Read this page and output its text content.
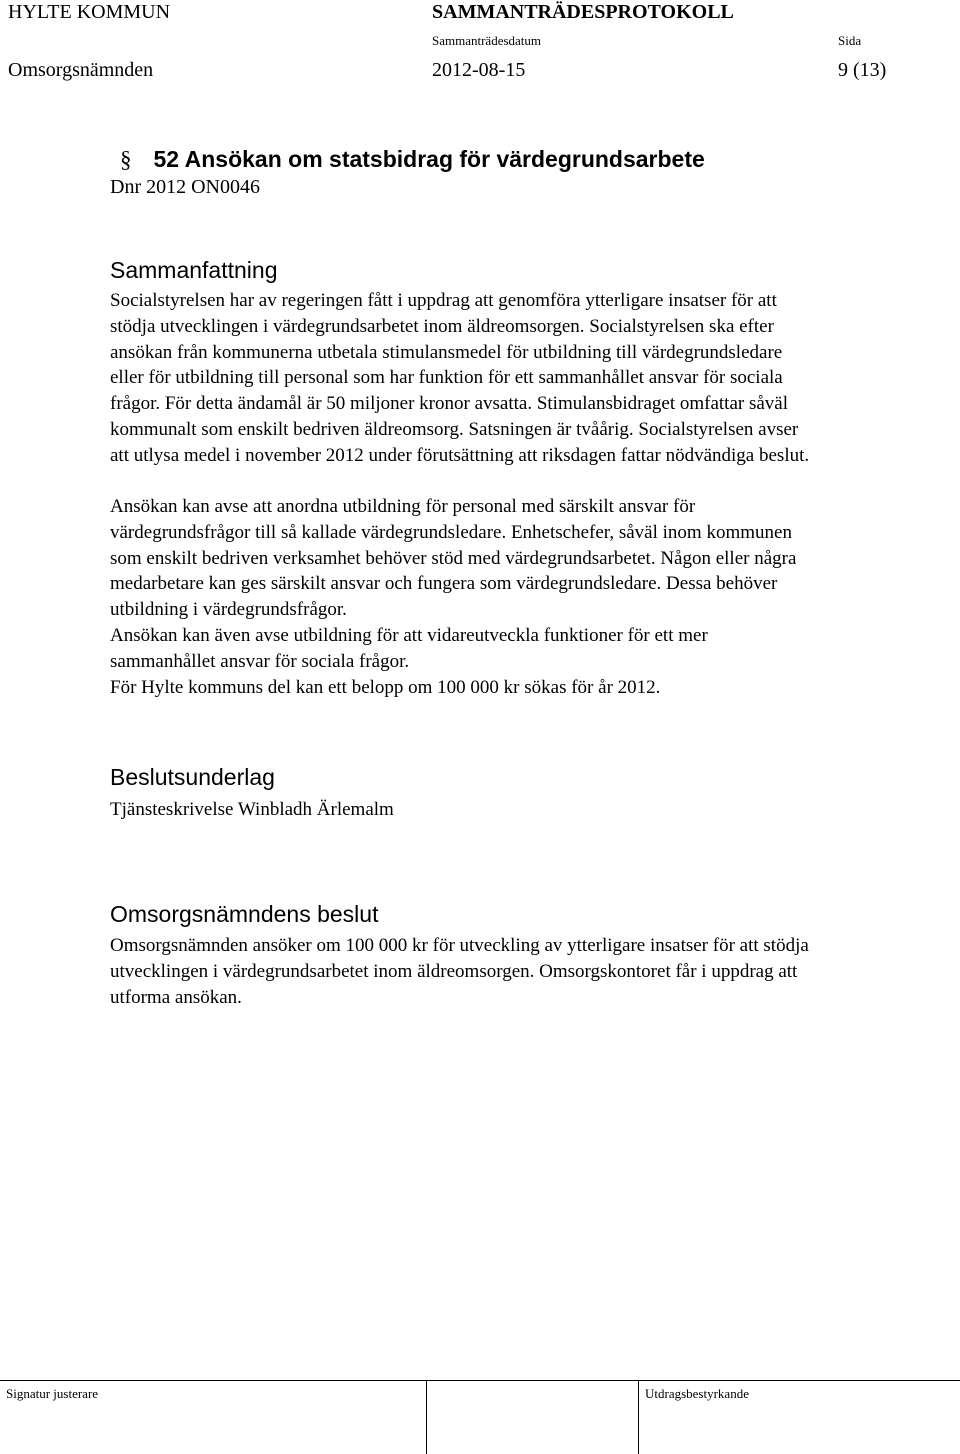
HYLTE KOMMUN	SAMMANTRÄDESPROTOKOLL
Sammanträdesdatum	Sida
Omsorgsnämnden	2012-08-15	9 (13)
§ 52 Ansökan om statsbidrag för värdegrundsarbete
Dnr 2012 ON0046
Sammanfattning
Socialstyrelsen har av regeringen fått i uppdrag att genomföra ytterligare insatser för att
stödja utvecklingen i värdegrundsarbetet inom äldreomsorgen. Socialstyrelsen ska efter
ansökan från kommunerna utbetala stimulansmedel för utbildning till värdegrundsledare
eller för utbildning till personal som har funktion för ett sammanhållet ansvar för sociala
frågor. För detta ändamål är 50 miljoner kronor avsatta. Stimulansbidraget omfattar såväl
kommunalt som enskilt bedriven äldreomsorg. Satsningen är tvåårig. Socialstyrelsen avser
att utlysa medel i november 2012 under förutsättning att riksdagen fattar nödvändiga beslut.
Ansökan kan avse att anordna utbildning för personal med särskilt ansvar för
värdegrundsfrågor till så kallade värdegrundsledare. Enhetschefer, såväl inom kommunen
som enskilt bedriven verksamhet behöver stöd med värdegrundsarbetet. Någon eller några
medarbetare kan ges särskilt ansvar och fungera som värdegrundsledare. Dessa behöver
utbildning i värdegrundsfrågor.
Ansökan kan även avse utbildning för att vidareutveckla funktioner för ett mer
sammanhållet ansvar för sociala frågor.
För Hylte kommuns del kan ett belopp om 100 000 kr sökas för år 2012.
Beslutsunderlag
Tjänsteskrivelse Winbladh Ärlemalm
Omsorgsnämndens beslut
Omsorgsnämnden ansöker om 100 000 kr för utveckling av ytterligare insatser för att stödja
utvecklingen i värdegrundsarbetet inom äldreomsorgen. Omsorgskontoret får i uppdrag att
utforma ansökan.
Signatur justerare	Utdragsbestyrkande
